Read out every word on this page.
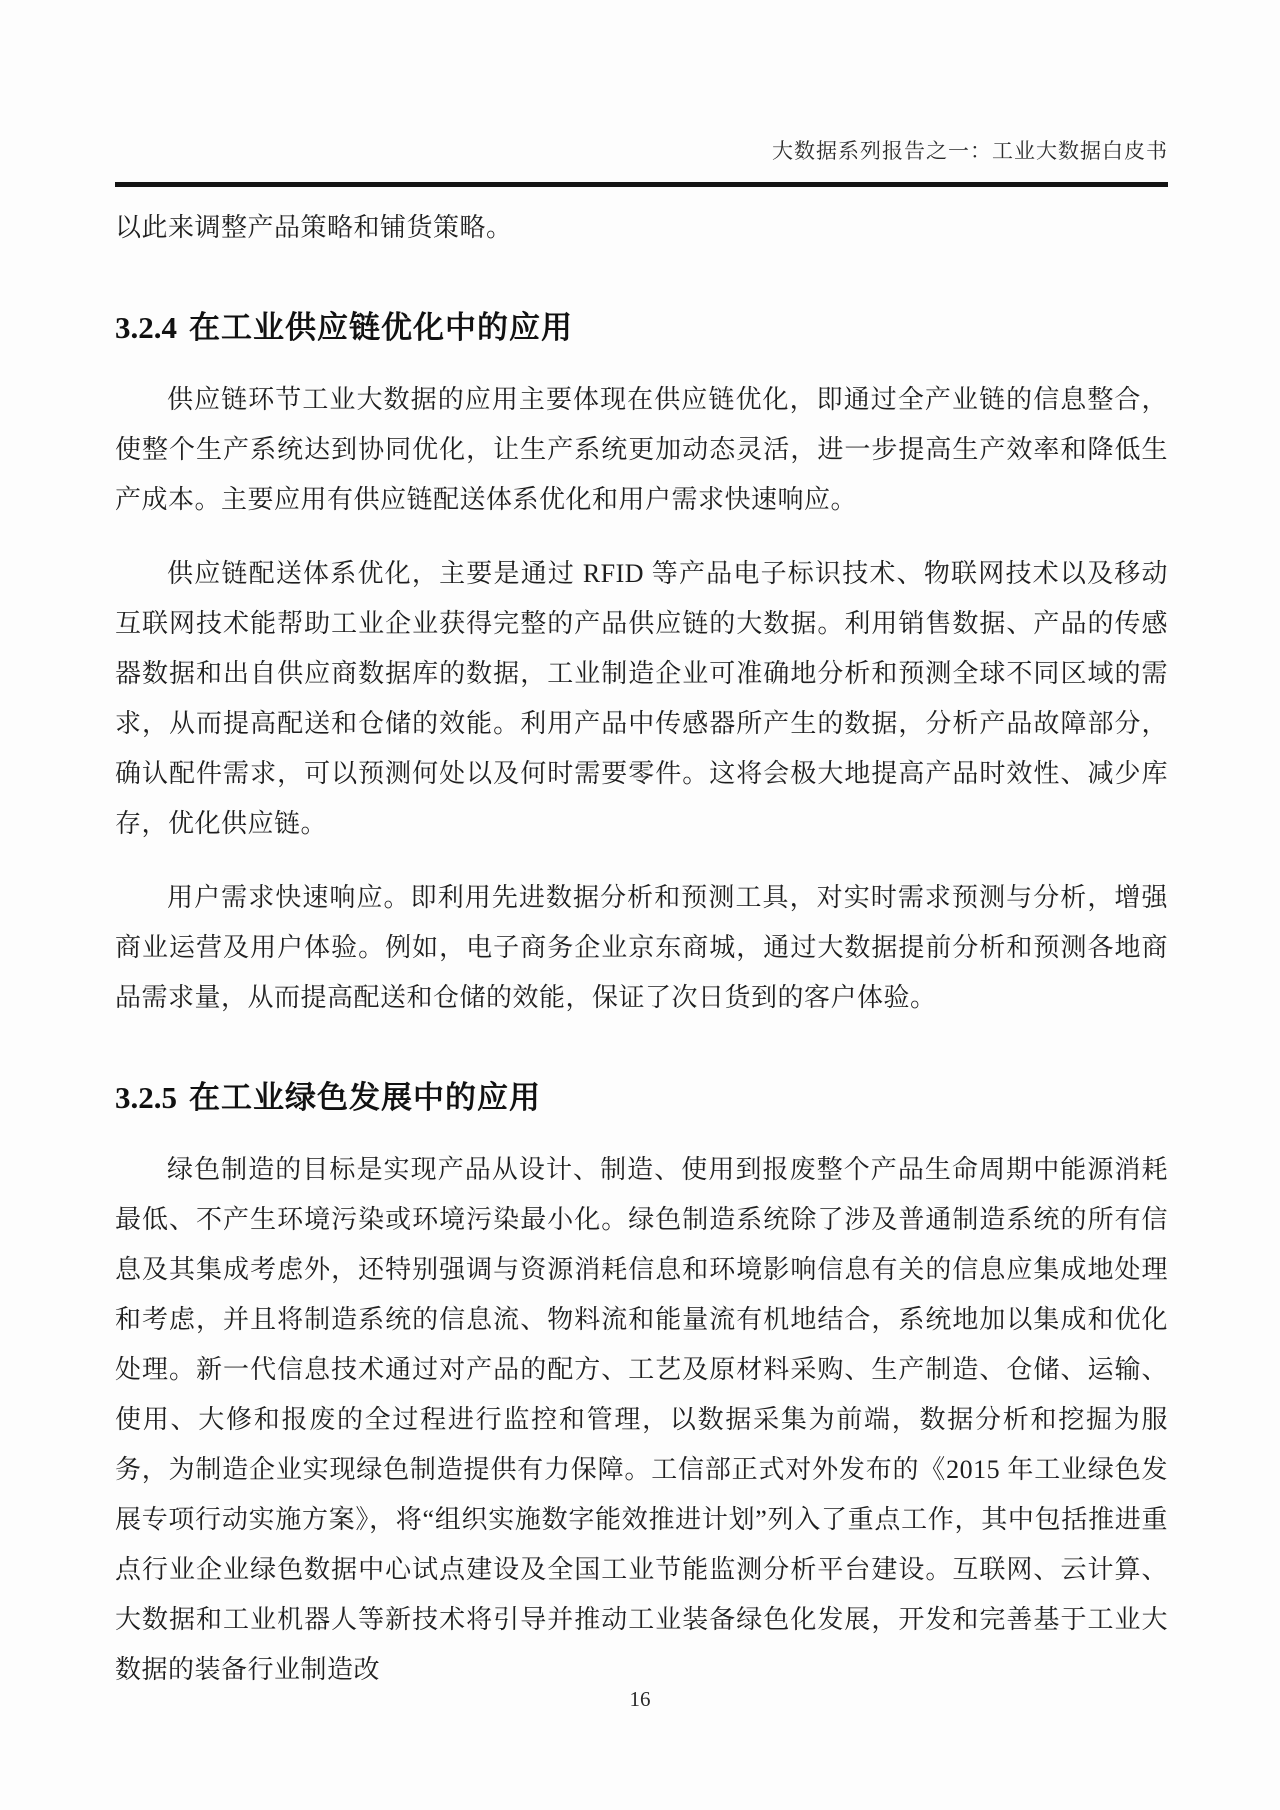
大数据系列报告之一：工业大数据白皮书

以此来调整产品策略和铺货策略。

3.2.4 在工业供应链优化中的应用

供应链环节工业大数据的应用主要体现在供应链优化，即通过全产业链的信息整合，使整个生产系统达到协同优化，让生产系统更加动态灵活，进一步提高生产效率和降低生产成本。主要应用有供应链配送体系优化和用户需求快速响应。

供应链配送体系优化，主要是通过 RFID 等产品电子标识技术、物联网技术以及移动互联网技术能帮助工业企业获得完整的产品供应链的大数据。利用销售数据、产品的传感器数据和出自供应商数据库的数据，工业制造企业可准确地分析和预测全球不同区域的需求，从而提高配送和仓储的效能。利用产品中传感器所产生的数据，分析产品故障部分，确认配件需求，可以预测何处以及何时需要零件。这将会极大地提高产品时效性、减少库存，优化供应链。

用户需求快速响应。即利用先进数据分析和预测工具，对实时需求预测与分析，增强商业运营及用户体验。例如，电子商务企业京东商城，通过大数据提前分析和预测各地商品需求量，从而提高配送和仓储的效能，保证了次日货到的客户体验。

3.2.5 在工业绿色发展中的应用

绿色制造的目标是实现产品从设计、制造、使用到报废整个产品生命周期中能源消耗最低、不产生环境污染或环境污染最小化。绿色制造系统除了涉及普通制造系统的所有信息及其集成考虑外，还特别强调与资源消耗信息和环境影响信息有关的信息应集成地处理和考虑，并且将制造系统的信息流、物料流和能量流有机地结合，系统地加以集成和优化处理。新一代信息技术通过对产品的配方、工艺及原材料采购、生产制造、仓储、运输、使用、大修和报废的全过程进行监控和管理，以数据采集为前端，数据分析和挖掘为服务，为制造企业实现绿色制造提供有力保障。工信部正式对外发布的《2015 年工业绿色发展专项行动实施方案》，将“组织实施数字能效推进计划”列入了重点工作，其中包括推进重点行业企业绿色数据中心试点建设及全国工业节能监测分析平台建设。互联网、云计算、大数据和工业机器人等新技术将引导并推动工业装备绿色化发展，开发和完善基于工业大数据的装备行业制造改

16
